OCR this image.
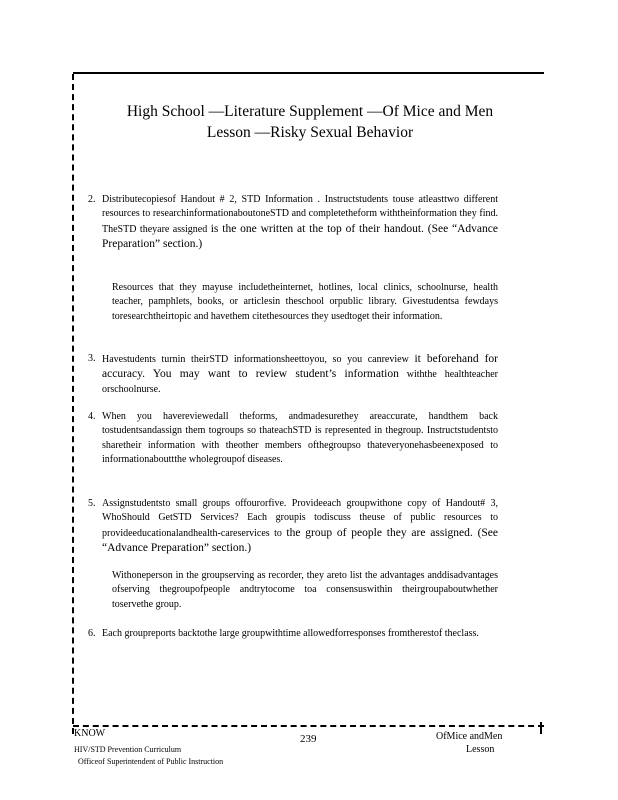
High School —Literature Supplement —Of Mice and Men
Lesson —Risky Sexual Behavior
2. Distributecopiesof Handout # 2, STD Information . Instructstudents touse atleasttwo different resources to researchinformationaboutoneSTD and completetheform withtheinformation they find. TheSTD theyare assigned is the one written at the top of their handout. (See “Advance Preparation” section.)
Resources that they mayuse includetheinternet, hotlines, local clinics, schoolnurse, health teacher, pamphlets, books, or articlesin theschool orpublic library. Givestudentsa fewdays toresearchtheirtopic and havethem citethesources they usedtoget their information.
3. Havestudents turnin theirSTD informationsheettoyou, so you canreview it beforehand for accuracy. You may want to review student’s information withthe healthteacher orschoolnurse.
4. When you havereviewedall theforms, andmadesurethey areaccurate, handthem back tostudentsandassign them togroups so thateachSTD is represented in thegroup. Instructstudentsto sharetheir information with theother members ofthegroupso thateveryonehasbeenexposed to informationabouttthe wholegroupof diseases.
5. Assignstudentsto small groups offourorfive. Provideeach groupwithone copy of Handout# 3, WhoShould GetSTD Services? Each groupis todiscuss theuse of public resources to provideeducationalandhealth-careservices to the group of people they are assigned. (See “Advance Preparation” section.)
Withoneperson in the groupserving as recorder, they areto list the advantages anddisadvantages ofserving thegroupofpeople andtrytocome toa consensuswithin theirgroupaboutwhether toservethe group.
6. Each groupreports backtothe large groupwithtime allowedforresponses fromtherestof theclass.
KNOW
HIV/STD Prevention Curriculum
Officeof Superintendent of Public Instruction
239	OfMice andMen
Lesson
